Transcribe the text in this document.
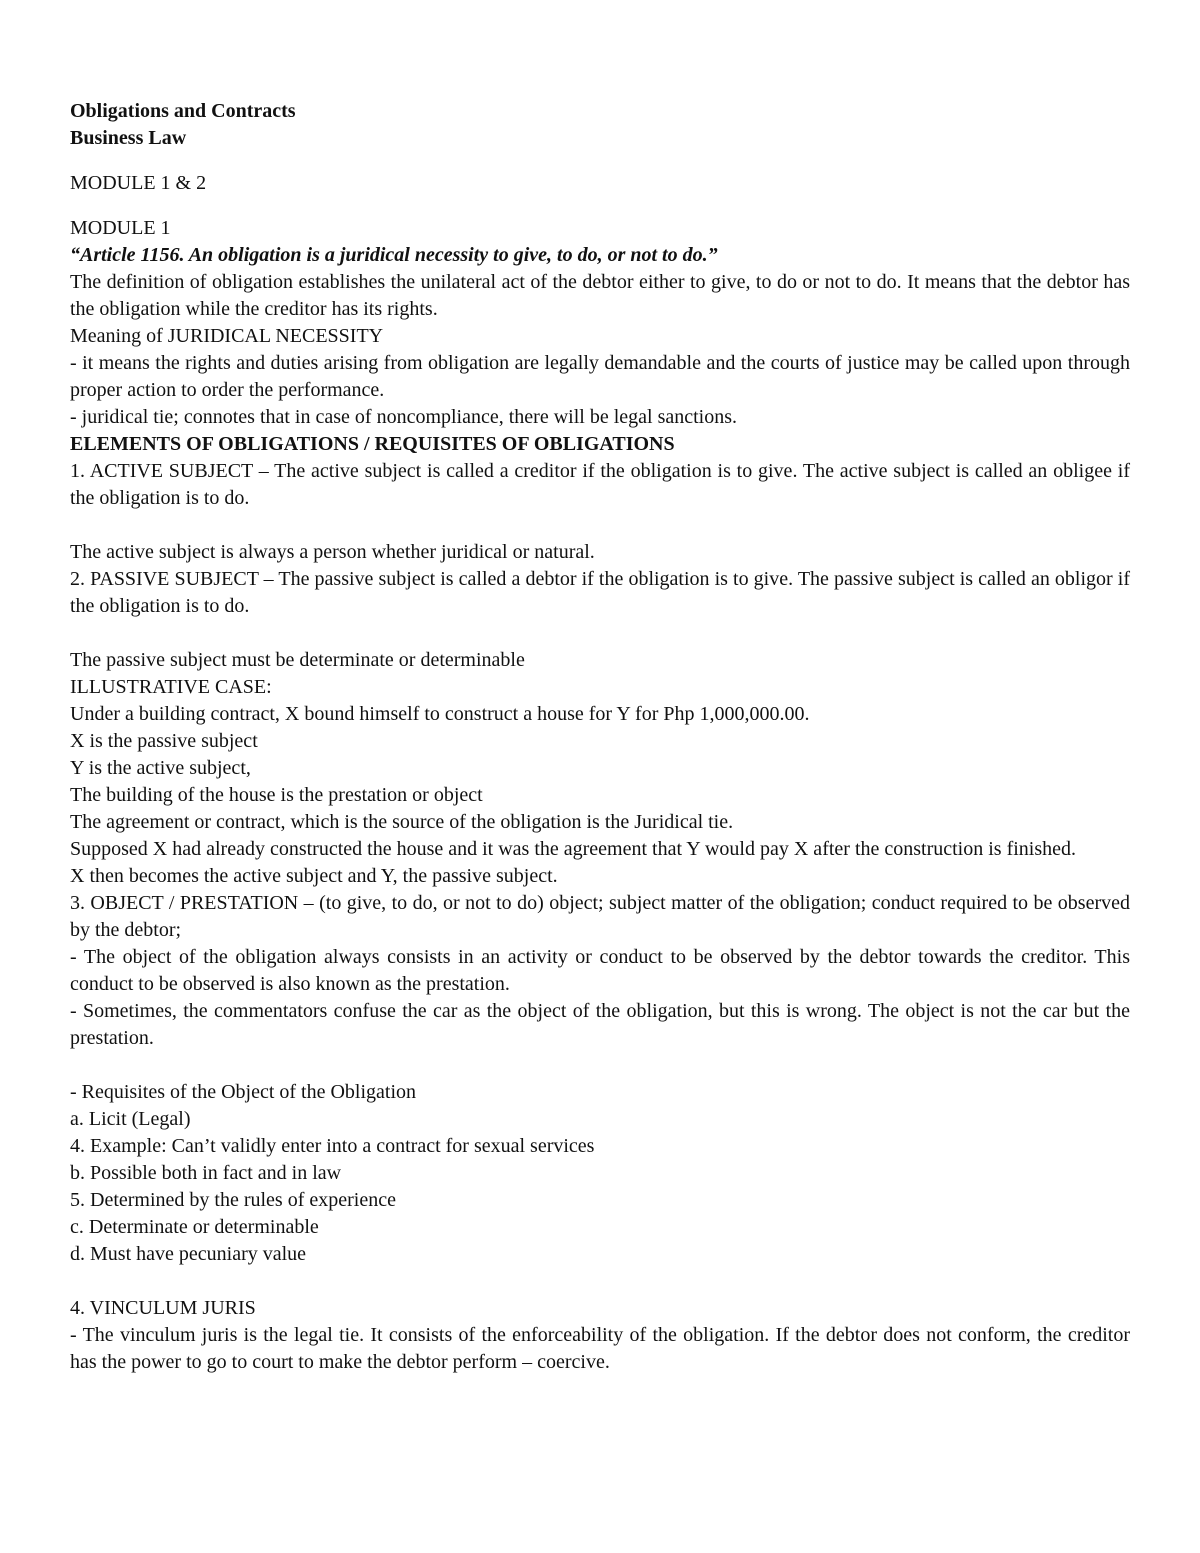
Obligations and Contracts

Business Law

MODULE 1 & 2

MODULE 1

“Article 1156. An obligation is a juridical necessity to give, to do, or not to do.”

The definition of obligation establishes the unilateral act of the debtor either to give, to do or not to do. It means that the debtor has the obligation while the creditor has its rights.

Meaning of JURIDICAL NECESSITY

- it means the rights and duties arising from obligation are legally demandable and the courts of justice may be called upon through proper action to order the performance.

- juridical tie; connotes that in case of noncompliance, there will be legal sanctions.

ELEMENTS OF OBLIGATIONS / REQUISITES OF OBLIGATIONS

1. ACTIVE SUBJECT – The active subject is called a creditor if the obligation is to give. The active subject is called an obligee if the obligation is to do.

The active subject is always a person whether juridical or natural.

2. PASSIVE SUBJECT – The passive subject is called a debtor if the obligation is to give. The passive subject is called an obligor if the obligation is to do.

The passive subject must be determinate or determinable

ILLUSTRATIVE CASE:

Under a building contract, X bound himself to construct a house for Y for Php 1,000,000.00.

X is the passive subject

Y is the active subject,

The building of the house is the prestation or object

The agreement or contract, which is the source of the obligation is the Juridical tie.

Supposed X had already constructed the house and it was the agreement that Y would pay X after the construction is finished.

X then becomes the active subject and Y, the passive subject.

3. OBJECT / PRESTATION – (to give, to do, or not to do) object; subject matter of the obligation; conduct required to be observed by the debtor;

- The object of the obligation always consists in an activity or conduct to be observed by the debtor towards the creditor. This conduct to be observed is also known as the prestation.

- Sometimes, the commentators confuse the car as the object of the obligation, but this is wrong. The object is not the car but the prestation.

- Requisites of the Object of the Obligation

a. Licit (Legal)

4. Example: Can’t validly enter into a contract for sexual services

b. Possible both in fact and in law

5. Determined by the rules of experience

c. Determinate or determinable

d. Must have pecuniary value

4. VINCULUM JURIS

- The vinculum juris is the legal tie. It consists of the enforceability of the obligation. If the debtor does not conform, the creditor has the power to go to court to make the debtor perform – coercive.
